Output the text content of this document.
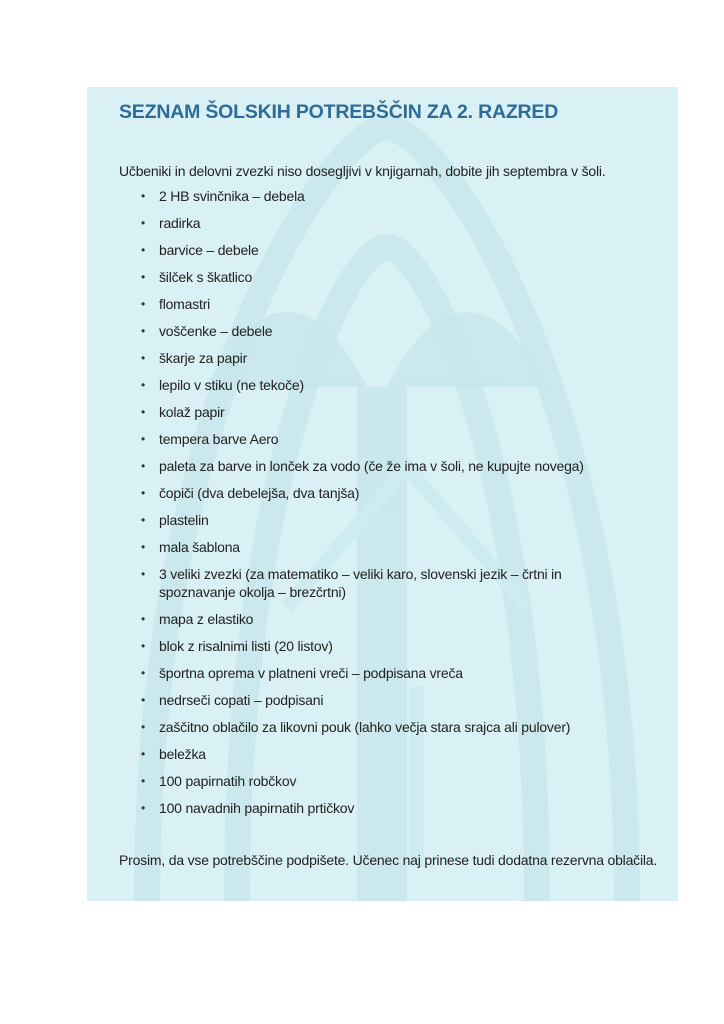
SEZNAM ŠOLSKIH POTREBŠČIN ZA 2. RAZRED

Učbeniki in delovni zvezki niso dosegljivi v knjigarnah, dobite jih septembra v šoli.

• 2 HB svinčnika – debela
• radirka
• barvice – debele
• šilček s škatlico
• flomastri
• voščenke – debele
• škarje za papir
• lepilo v stiku (ne tekoče)
• kolaž papir
• tempera barve Aero
• paleta za barve in lonček za vodo (če že ima v šoli, ne kupujte novega)
• čopiči (dva debelejša, dva tanjša)
• plastelin
• mala šablona
• 3 veliki zvezki (za matematiko – veliki karo, slovenski jezik – črtni in spoznavanje okolja – brezčrtni)
• mapa z elastiko
• blok z risalnimi listi (20 listov)
• športna oprema v platneni vreči – podpisana vreča
• nedrseči copati – podpisani
• zaščitno oblačilo za likovni pouk (lahko večja stara srajca ali pulover)
• beležka
• 100 papirnatih robčkov
• 100 navadnih papirnatih prtičkov

Prosim, da vse potrebščine podpišete. Učenec naj prinese tudi dodatna rezervna oblačila.
